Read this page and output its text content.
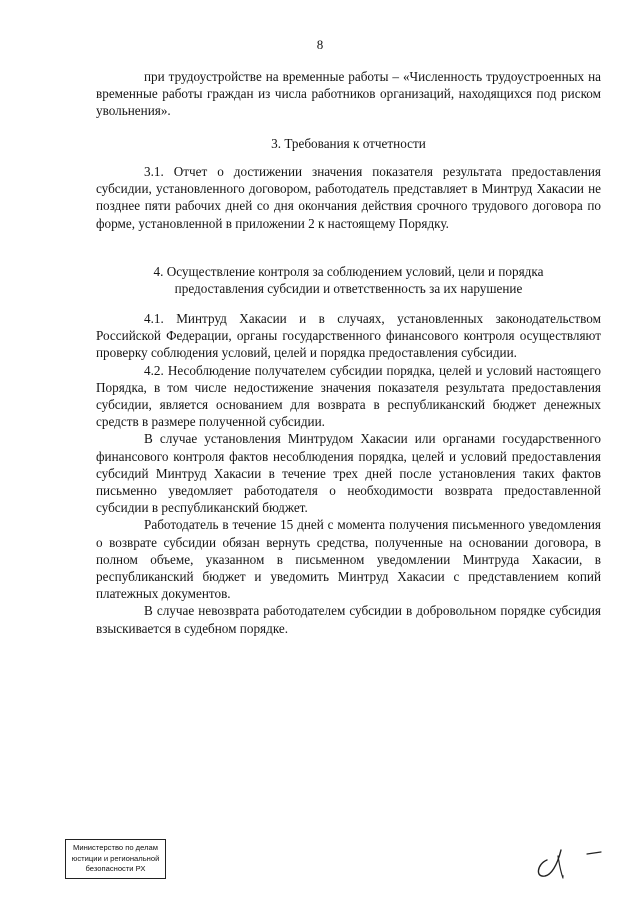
8

при трудоустройстве на временные работы – «Численность трудоустроенных на временные работы граждан из числа работников организаций, находящихся под риском увольнения».

3. Требования к отчетности

3.1. Отчет о достижении значения показателя результата предоставления субсидии, установленного договором, работодатель представляет в Минтруд Хакасии не позднее пяти рабочих дней со дня окончания действия срочного трудового договора по форме, установленной в приложении 2 к настоящему Порядку.

4. Осуществление контроля за соблюдением условий, цели и порядка
предоставления субсидии и ответственность за их нарушение

4.1. Минтруд Хакасии и в случаях, установленных законодательством Российской Федерации, органы государственного финансового контроля осуществляют проверку соблюдения условий, целей и порядка предоставления субсидии.

4.2. Несоблюдение получателем субсидии порядка, целей и условий настоящего Порядка, в том числе недостижение значения показателя результата предоставления субсидии, является основанием для возврата в республиканский бюджет денежных средств в размере полученной субсидии.

В случае установления Минтрудом Хакасии или органами государственного финансового контроля фактов несоблюдения порядка, целей и условий предоставления субсидий Минтруд Хакасии в течение трех дней после установления таких фактов письменно уведомляет работодателя о необходимости возврата предоставленной субсидии в республиканский бюджет.

Работодатель в течение 15 дней с момента получения письменного уведомления о возврате субсидии обязан вернуть средства, полученные на основании договора, в полном объеме, указанном в письменном уведомлении Минтруда Хакасии, в республиканский бюджет и уведомить Минтруд Хакасии с представлением копий платежных документов.

В случае невозврата работодателем субсидии в добровольном порядке субсидия взыскивается в судебном порядке.

Министерство по делам
юстиции и региональной
безопасности РХ
